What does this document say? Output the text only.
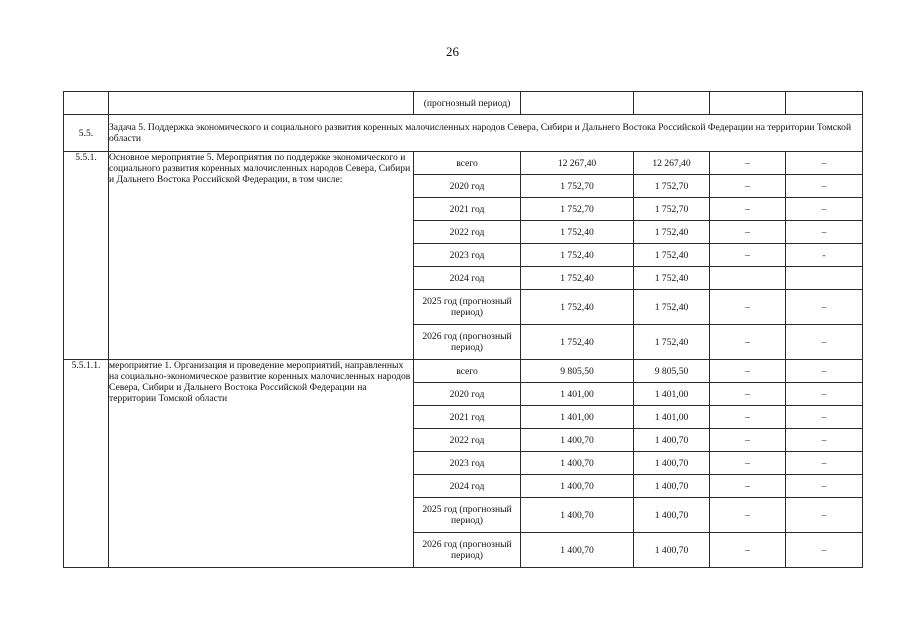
26
		(прогнозный период)				
5.5.	Задача 5. Поддержка экономического и социального развития коренных малочисленных народов Севера, Сибири и Дальнего Востока Российской Федерации на территории Томской области					
5.5.1.	Основное мероприятие 5. Мероприятия по поддержке экономического и социального развития коренных малочисленных народов Севера, Сибири и Дальнего Востока Российской Федерации, в том числе:	всего	12 267,40	12 267,40	–	–
		2020 год	1 752,70	1 752,70	–	–
		2021 год	1 752,70	1 752,70	–	–
		2022 год	1 752,40	1 752,40	–	–
		2023 год	1 752,40	1 752,40	–	-
		2024 год	1 752,40	1 752,40		
		2025 год (прогнозный период)	1 752,40	1 752,40	–	–
		2026 год (прогнозный период)	1 752,40	1 752,40	–	–
5.5.1.1.	мероприятие 1. Организация и проведение мероприятий, направленных на социально-экономическое развитие коренных малочисленных народов Севера, Сибири и Дальнего Востока Российской Федерации на территории Томской области	всего	9 805,50	9 805,50	–	–
		2020 год	1 401,00	1 401,00	–	–
		2021 год	1 401,00	1 401,00	–	–
		2022 год	1 400,70	1 400,70	–	–
		2023 год	1 400,70	1 400,70	–	–
		2024 год	1 400,70	1 400,70	–	–
		2025 год (прогнозный период)	1 400,70	1 400,70	–	–
		2026 год (прогнозный период)	1 400,70	1 400,70	–	–
